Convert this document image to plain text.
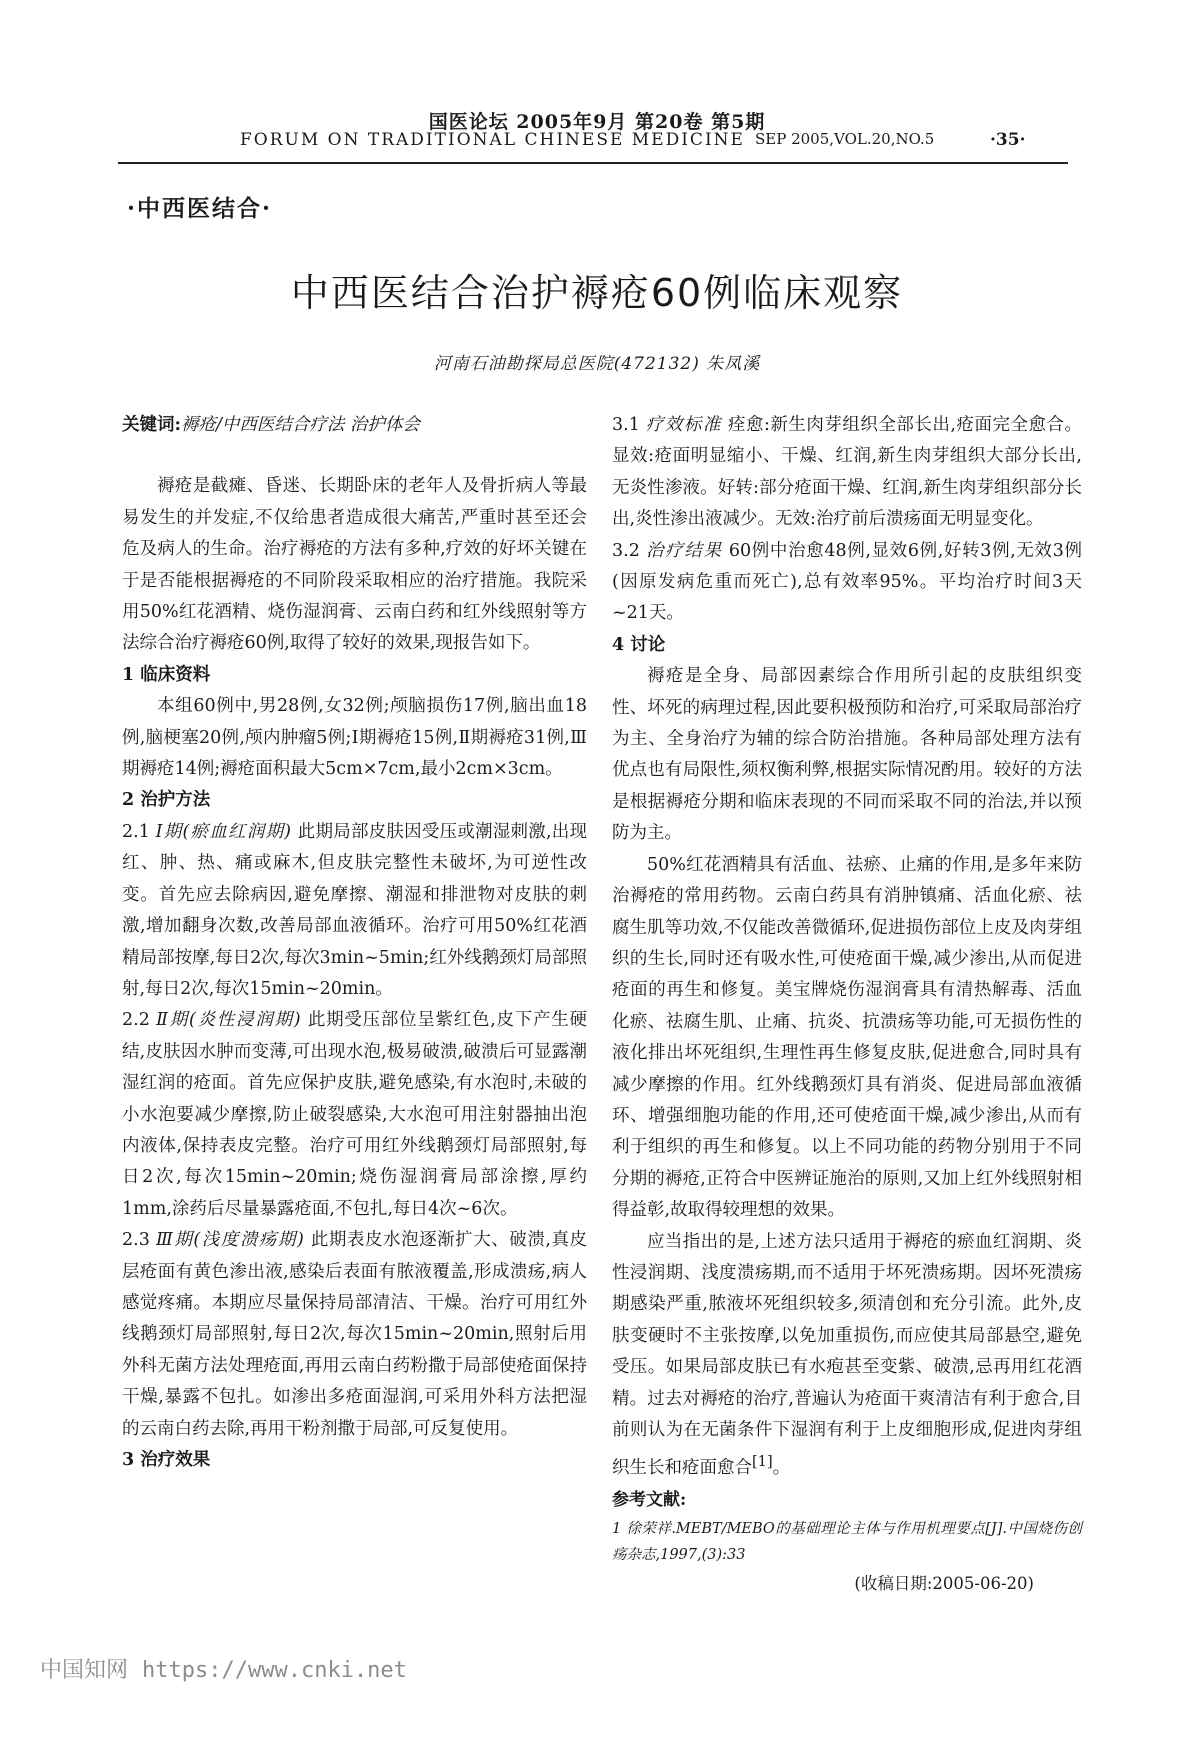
国医论坛 2005年9月 第20卷 第5期
FORUM ON TRADITIONAL CHINESE MEDICINE SEP 2005,VOL.20,NO.5	·35·
·中西医结合·
中西医结合治护褥疮60例临床观察
河南石油勘探局总医院(472132) 朱凤溪

关键词:褥疮/中西医结合疗法 治护体会

褥疮是截瘫、昏迷、长期卧床的老年人及骨折病人等最易发生的并发症,不仅给患者造成很大痛苦,严重时甚至还会危及病人的生命。治疗褥疮的方法有多种,疗效的好坏关键在于是否能根据褥疮的不同阶段采取相应的治疗措施。我院采用50%红花酒精、烧伤湿润膏、云南白药和红外线照射等方法综合治疗褥疮60例,取得了较好的效果,现报告如下。

1 临床资料

本组60例中,男28例,女32例;颅脑损伤17例,脑出血18例,脑梗塞20例,颅内肿瘤5例;Ⅰ期褥疮15例,Ⅱ期褥疮31例,Ⅲ期褥疮14例;褥疮面积最大5cm×7cm,最小2cm×3cm。

2 治护方法

2.1 Ⅰ期(瘀血红润期) 此期局部皮肤因受压或潮湿刺激,出现红、肿、热、痛或麻木,但皮肤完整性未破坏,为可逆性改变。首先应去除病因,避免摩擦、潮湿和排泄物对皮肤的刺激,增加翻身次数,改善局部血液循环。治疗可用50%红花酒精局部按摩,每日2次,每次3min~5min;红外线鹅颈灯局部照射,每日2次,每次15min~20min。

2.2 Ⅱ期(炎性浸润期) 此期受压部位呈紫红色,皮下产生硬结,皮肤因水肿而变薄,可出现水泡,极易破溃,破溃后可显露潮湿红润的疮面。首先应保护皮肤,避免感染,有水泡时,未破的小水泡要减少摩擦,防止破裂感染,大水泡可用注射器抽出泡内液体,保持表皮完整。治疗可用红外线鹅颈灯局部照射,每日2次,每次15min~20min;烧伤湿润膏局部涂擦,厚约1mm,涂药后尽量暴露疮面,不包扎,每日4次~6次。

2.3 Ⅲ期(浅度溃疡期) 此期表皮水泡逐渐扩大、破溃,真皮层疮面有黄色渗出液,感染后表面有脓液覆盖,形成溃疡,病人感觉疼痛。本期应尽量保持局部清洁、干燥。治疗可用红外线鹅颈灯局部照射,每日2次,每次15min~20min,照射后用外科无菌方法处理疮面,再用云南白药粉撒于局部使疮面保持干燥,暴露不包扎。如渗出多疮面湿润,可采用外科方法把湿的云南白药去除,再用干粉剂撒于局部,可反复使用。

3 治疗效果

3.1 疗效标准 痊愈:新生肉芽组织全部长出,疮面完全愈合。显效:疮面明显缩小、干燥、红润,新生肉芽组织大部分长出,无炎性渗液。好转:部分疮面干燥、红润,新生肉芽组织部分长出,炎性渗出液减少。无效:治疗前后溃疡面无明显变化。

3.2 治疗结果 60例中治愈48例,显效6例,好转3例,无效3例(因原发病危重而死亡),总有效率95%。平均治疗时间3天~21天。

4 讨论

褥疮是全身、局部因素综合作用所引起的皮肤组织变性、坏死的病理过程,因此要积极预防和治疗,可采取局部治疗为主、全身治疗为辅的综合防治措施。各种局部处理方法有优点也有局限性,须权衡利弊,根据实际情况酌用。较好的方法是根据褥疮分期和临床表现的不同而采取不同的治法,并以预防为主。

50%红花酒精具有活血、祛瘀、止痛的作用,是多年来防治褥疮的常用药物。云南白药具有消肿镇痛、活血化瘀、祛腐生肌等功效,不仅能改善微循环,促进损伤部位上皮及肉芽组织的生长,同时还有吸水性,可使疮面干燥,减少渗出,从而促进疮面的再生和修复。美宝牌烧伤湿润膏具有清热解毒、活血化瘀、祛腐生肌、止痛、抗炎、抗溃疡等功能,可无损伤性的液化排出坏死组织,生理性再生修复皮肤,促进愈合,同时具有减少摩擦的作用。红外线鹅颈灯具有消炎、促进局部血液循环、增强细胞功能的作用,还可使疮面干燥,减少渗出,从而有利于组织的再生和修复。以上不同功能的药物分别用于不同分期的褥疮,正符合中医辨证施治的原则,又加上红外线照射相得益彰,故取得较理想的效果。

应当指出的是,上述方法只适用于褥疮的瘀血红润期、炎性浸润期、浅度溃疡期,而不适用于坏死溃疡期。因坏死溃疡期感染严重,脓液坏死组织较多,须清创和充分引流。此外,皮肤变硬时不主张按摩,以免加重损伤,而应使其局部悬空,避免受压。如果局部皮肤已有水疱甚至变紫、破溃,忌再用红花酒精。过去对褥疮的治疗,普遍认为疮面干爽清洁有利于愈合,目前则认为在无菌条件下湿润有利于上皮细胞形成,促进肉芽组织生长和疮面愈合[1]。

参考文献:

1 徐荣祥.MEBT/MEBO的基础理论主体与作用机理要点[J].中国烧伤创疡杂志,1997,(3):33

(收稿日期:2005-06-20)

中国知网 https://www.cnki.net
